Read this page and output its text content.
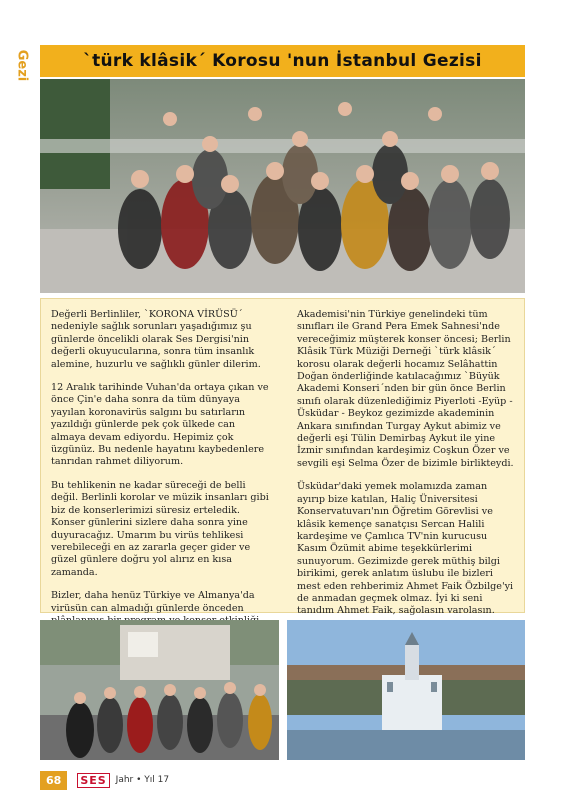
Gezi	`türk klâsik´ Korosu 'nun İstanbul Gezisi

Değerli Berlinliler, `KORONA VİRÜSÜ´ nedeniyle sağlık sorunları yaşadığımız şu günlerde öncelikli olarak Ses Dergisi'nin değerli okuyucularına, sonra tüm insanlık alemine, huzurlu ve sağlıklı günler dilerim.

12 Aralık tarihinde Vuhan'da ortaya çıkan ve önce Çin'e daha sonra da tüm dünyaya yayılan koronavirüs salgını bu satırların yazıldığı günlerde pek çok ülkede can almaya devam ediyordu. Hepimiz çok üzgünüz. Bu nedenle hayatını kaybedenlere tanrıdan rahmet diliyorum.

Bu tehlikenin ne kadar süreceği de belli değil. Berlinli korolar ve müzik insanları gibi biz de konserlerimizi süresiz erteledik. Konser günlerini sizlere daha sonra yine duyuracağız. Umarım bu virüs tehlikesi verebileceği en az zararla geçer gider ve güzel günlere doğru yol alırız en kısa zamanda.

Bizler, daha henüz Türkiye ve Almanya'da virüsün can almadığı günlerde önceden

Akademisi'nin Türkiye genelindeki tüm sınıfları ile Grand Pera Emek Sahnesi'nde vereceğimiz müşterek konser öncesi; Berlin Klâsik Türk Müziği Derneği `türk klâsik´ korosu olarak değerli hocamız Selâhattin Doğan önderliğinde katılacağımız `Büyük Akademi Konseri´nden bir gün önce Berlin sınıfı olarak düzenlediğimiz Piyerloti -Eyüp - Üsküdar - Beykoz gezimizde akademinin Ankara sınıfından Turgay Aykut abimiz ve değerli eşi Tülin Demirbaş Aykut ile yine İzmir sınıfından kardeşimiz Coşkun Özer ve sevgili eşi Selma Özer de bizimle birlikteydi.

Üsküdar'daki yemek molamızda zaman ayırıp bize katılan, Haliç Üniversitesi Konservatuvarı'nın Öğretim Görevlisi ve klâsik kemençe sanatçısı Sercan Halili kardeşime ve Çamlıca TV'nin kurucusu Kasım Özümit abime teşekkürlerimi sunuyorum. Gezimizde gerek müthiş bilgi birikimi, gerek anlatım üslubu ile bizleri mest eden rehberimiz Ahmet Faik Özbilge'yi de anmadan geçmek olmaz. İyi ki seni tanıdım Ahmet Faik, sağolasın varolasın.

68	SES	Jahr • Yıl 17
